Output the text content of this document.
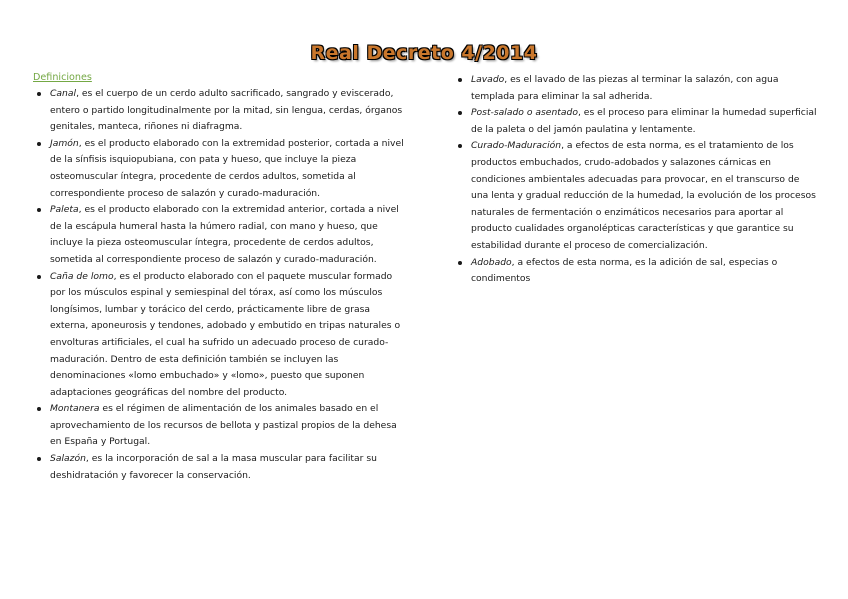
Real Decreto 4/2014
Definiciones
Canal, es el cuerpo de un cerdo adulto sacrificado, sangrado y eviscerado, entero o partido longitudinalmente por la mitad, sin lengua, cerdas, órganos genitales, manteca, riñones ni diafragma.
Jamón, es el producto elaborado con la extremidad posterior, cortada a nivel de la sínfisis isquiopubiana, con pata y hueso, que incluye la pieza osteomuscular íntegra, procedente de cerdos adultos, sometida al correspondiente proceso de salazón y curado-maduración.
Paleta, es el producto elaborado con la extremidad anterior, cortada a nivel de la escápula humeral hasta la húmero radial, con mano y hueso, que incluye la pieza osteomuscular íntegra, procedente de cerdos adultos, sometida al correspondiente proceso de salazón y curado-maduración.
Caña de lomo, es el producto elaborado con el paquete muscular formado por los músculos espinal y semiespinal del tórax, así como los músculos longísimos, lumbar y torácico del cerdo, prácticamente libre de grasa externa, aponeurosis y tendones, adobado y embutido en tripas naturales o envolturas artificiales, el cual ha sufrido un adecuado proceso de curado-maduración. Dentro de esta definición también se incluyen las denominaciones «lomo embuchado» y «lomo», puesto que suponen adaptaciones geográficas del nombre del producto.
Montanera es el régimen de alimentación de los animales basado en el aprovechamiento de los recursos de bellota y pastizal propios de la dehesa en España y Portugal.
Salazón, es la incorporación de sal a la masa muscular para facilitar su deshidratación y favorecer la conservación.
Lavado, es el lavado de las piezas al terminar la salazón, con agua templada para eliminar la sal adherida.
Post-salado o asentado, es el proceso para eliminar la humedad superficial de la paleta o del jamón paulatina y lentamente.
Curado-Maduración, a efectos de esta norma, es el tratamiento de los productos embuchados, crudo-adobados y salazones cárnicas en condiciones ambientales adecuadas para provocar, en el transcurso de una lenta y gradual reducción de la humedad, la evolución de los procesos naturales de fermentación o enzimáticos necesarios para aportar al producto cualidades organolépticas características y que garantice su estabilidad durante el proceso de comercialización.
Adobado, a efectos de esta norma, es la adición de sal, especias o condimentos
